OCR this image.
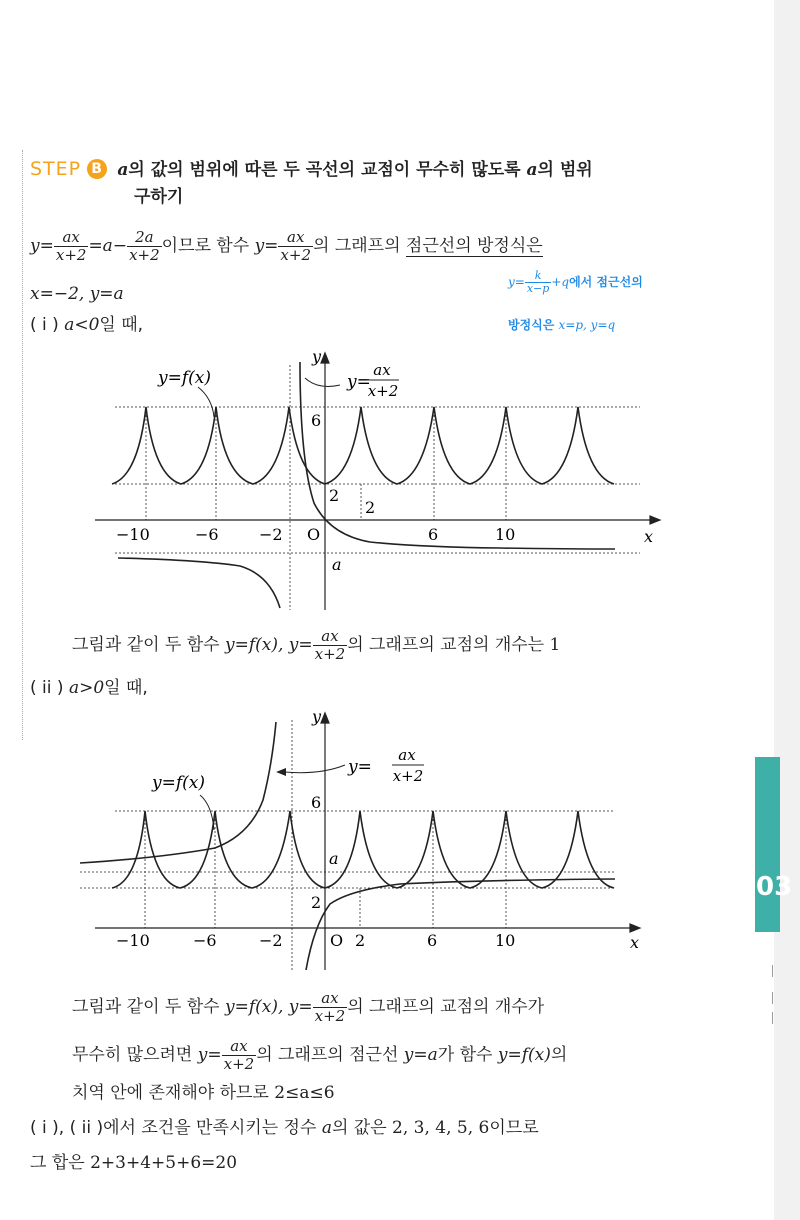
03
STEP B a의 값의 범위에 따른 두 곡선의 교점이 무수히 많도록 a의 범위
구하기
$y= \frac{ax}{x+2} =a- \frac{2a}{x+2}$ 이므로 함수 $y= \frac{ax}{x+2}$ 의 그래프의 점근선의 방정식은
x=−2, y=a
$y= \frac{k}{x-p} +q$에서 점근선의
방정식은 x=p, y=q
( i ) a<0일 때,
y=f(x)	y=
ax
x+2
y
x
O
6
2
2
a
−10	−6	−2	6	10
그림과 같이 두 함수 y=f(x), $y= \frac{ax}{x+2}$ 의 그래프의 교점의 개수는 1
( ii ) a>0일 때,
y=f(x)
y=
ax
x+2
y
x
O
6
2
a
−10	−6	−2	2	6	10
그림과 같이 두 함수 y=f(x), $y= \frac{ax}{x+2}$ 의 그래프의 교점의 개수가
무수히 많으려면 $y= \frac{ax}{x+2}$ 의 그래프의 점근선 y=a가 함수 y=f(x)의
치역 안에 존재해야 하므로 2≤a≤6
( i ), ( ii )에서 조건을 만족시키는 정수 a의 값은 2, 3, 4, 5, 6이므로
그 합은 2+3+4+5+6=20
